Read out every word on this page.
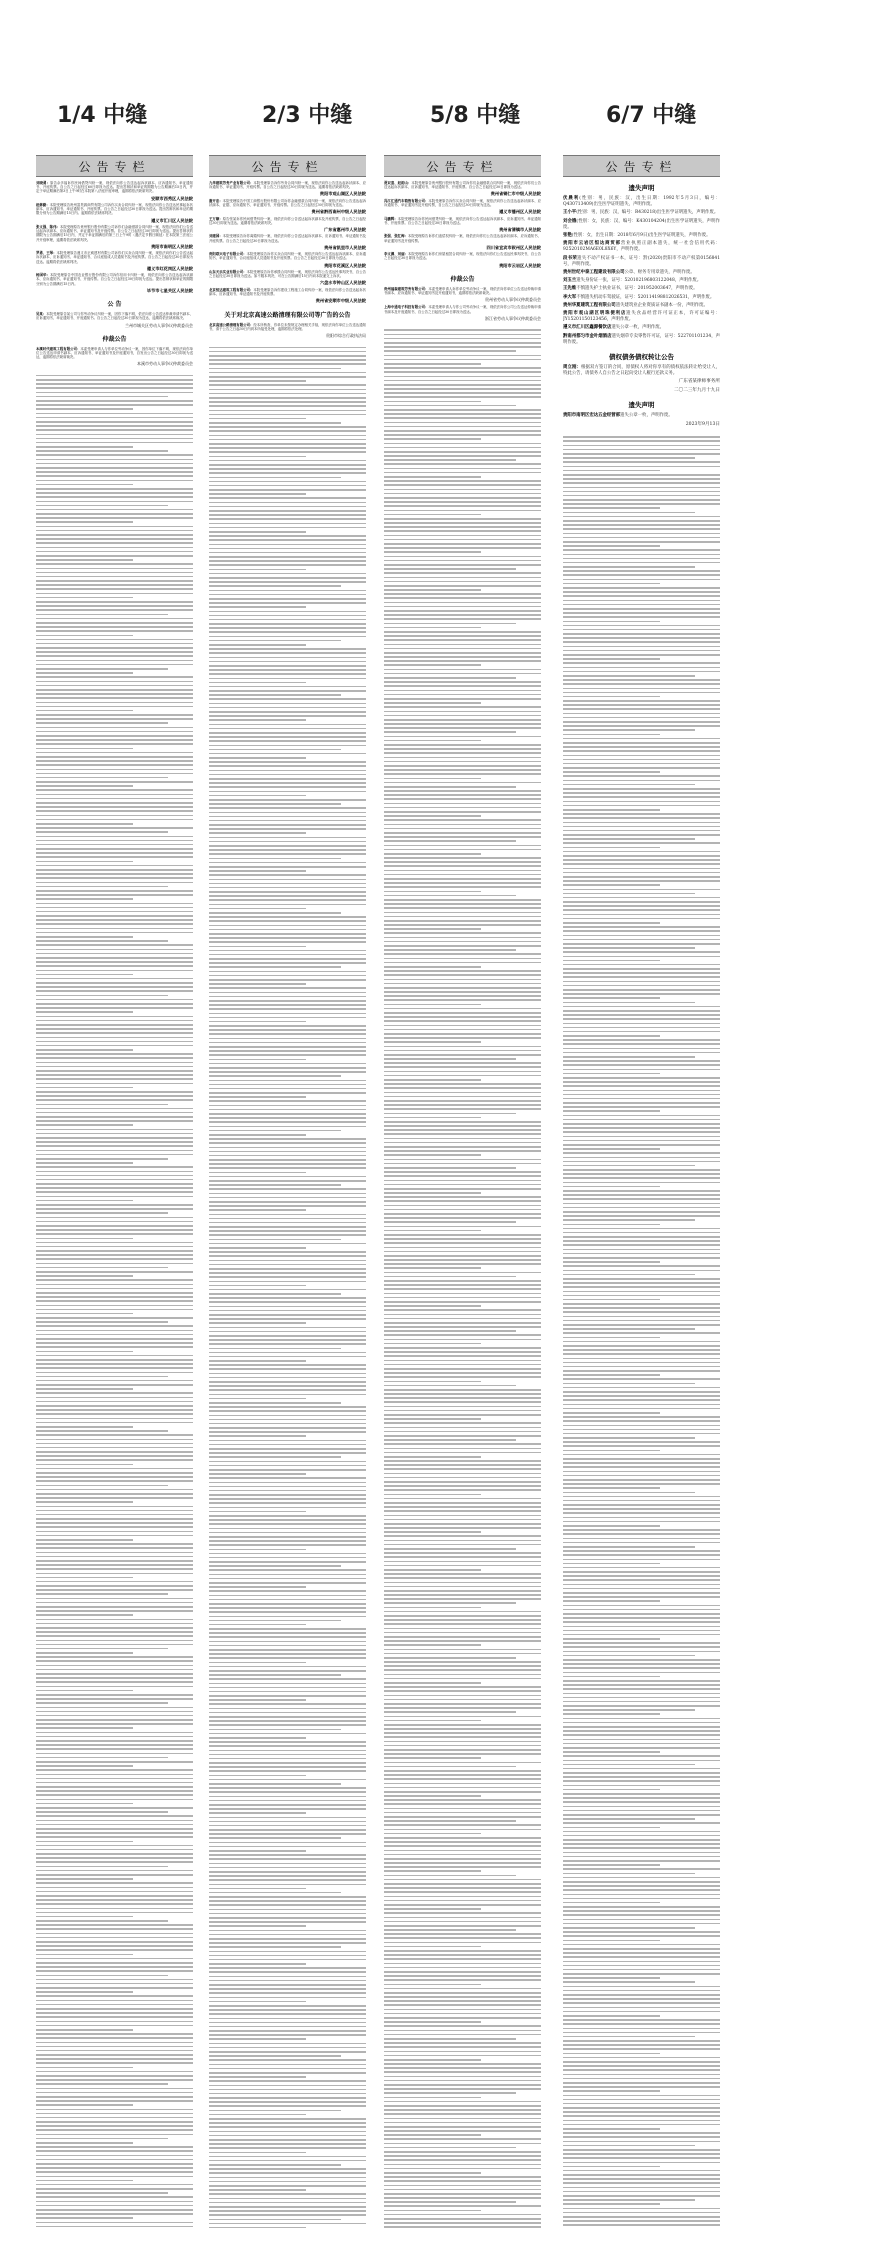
1/4 中缝	2/3 中缝	5/8 中缝	6/7 中缝
公告专栏
刘晓勇：原告余多福诉你民间借贷纠纷一案，现依法向你公告送达起诉状副本、应诉通知书、举证通知书、开庭传票。自公告之日起经过60日即视为送达。提出答辩状和举证的期限为公告期满后15日内，并定于举证期满后第3日上午9时在本院第八法庭开庭审理，逾期将依法缺席判决。
安顺市西秀区人民法院
赵修勤：本院受理原告贵州富昊源商贸有限公司诉你买卖合同纠纷一案，现依法向你公告送达民事起诉状副本、应诉通知书、举证通知书、开庭传票。自公告之日起经过30日即视为送达。提出答辩状和举证的期限分别为公告期满后15日内。逾期将依法缺席判决。
遵义市汇川区人民法院
张文强、陈伟：本院受理原告贵州银行股份有限公司诉你们金融借款合同纠纷一案，现依法向你们公告送达起诉状副本、应诉通知书、举证通知书及开庭传票。自公告之日起经过30日即视为送达。提出答辩状的期限为公告期满后15日内，并定于举证期满后的第三日上午9时（遇法定节假日顺延）在本院第三法庭公开开庭审理，逾期将依法缺席判决。
贵阳市南明区人民法院
罗勇、王琴：本院受理原告遵义市正威建材有限公司诉你们买卖合同纠纷一案，现依法向你们公告送达起诉状副本、应诉通知书、举证通知书、合议庭组成人员通知书及开庭传票。自公告之日起经过30日即视为送达。逾期将依法缺席判决。
遵义市红花岗区人民法院
杨国华：本院受理原告中国农业银行股份有限公司诉你信用卡纠纷一案，现依法向你公告送达起诉状副本、应诉通知书、举证通知书、开庭传票。自公告之日起经过30日即视为送达。提出答辩状和举证的期限分别为公告期满后15日内。
毕节市七星关区人民法院
公 告
吴某：本院受理原告某公司与你劳动争议纠纷一案，因你下落不明，依法向你公告送达仲裁申请书副本、应诉通知书、举证通知书、开庭通知书。自公告之日起经过30日即视为送达，逾期将依法缺席裁决。
兰州市城关区劳动人事争议仲裁委员会
仲裁公告
本溪时代建筑工程有限公司：本委受理申请人与你单位劳动争议一案，因你单位下落不明，现依法向你单位公告送达申请书副本、应诉通知书、举证通知书及开庭通知书，自发出公告之日起经过30日即视为送达，逾期将依法缺席裁决。
本溪市劳动人事争议仲裁委员会
公告专栏
九华建筑劳务产业有限公司：本院受理原告诉你劳务合同纠纷一案，现依法向你公告送达起诉状副本、应诉通知书、举证通知书、开庭传票。自公告之日起经过30日即视为送达。逾期将依法缺席判决。
贵阳市观山湖区人民法院
谢开忠：本院受理原告中国工商银行股份有限公司诉你金融借款合同纠纷一案，现依法向你公告送达起诉状副本、证据、应诉通知书、举证通知书、开庭传票。自公告之日起经过30日即视为送达。
贵州省黔西南州中级人民法院
王万顺：原告张某诉你民间借贷纠纷一案，现依法向你公告送达起诉状副本及开庭传票，自公告之日起经过30日即视为送达。逾期将依法缺席判决。
广东省惠州市人民法院
刘建国：本院受理原告诉你离婚纠纷一案，现依法向你公告送达起诉状副本、应诉通知书、举证通知书及开庭传票。自公告之日起经过30日即视为送达。
贵州省凯里市人民法院
贵阳联兴电子有限公司：本院受理原告诉你买卖合同纠纷一案，现依法向你公告送达起诉状副本、应诉通知书、举证通知书、合议庭组成人员通知书及开庭传票。自公告之日起经过30日即视为送达。
贵阳市花溪区人民法院
山东天乐实业有限公司：本院受理原告诉你承揽合同纠纷一案，现依法向你公告送达民事判决书，自公告之日起经过30日即视为送达。如不服本判决，可在公告期满后15日内向本院递交上诉状。
六盘水市钟山区人民法院
北京恒达建筑工程有限公司：本院受理原告诉你建设工程施工合同纠纷一案，现依法向你公告送达起诉状副本、应诉通知书、举证通知书及开庭传票。
贵州省安顺市中级人民法院
关于对北京高速公路清理有限公司等广告的公告
北京高速公路清理有限公司：经本所核查，你单位未按规定办理相关手续，现依法向你单位公告送达通知书，请于公告之日起30日内到本所接受处理，逾期将依法处理。
贵阳市综合行政执法局
公告专栏
贾双喜、赵韵山：本院受理原告贵州银行股份有限公司诉你们金融借款合同纠纷一案，现依法向你们公告送达起诉状副本、应诉通知书、举证通知书、开庭传票。自公告之日起经过30日即视为送达。
贵州省铜仁市中级人民法院
冯江汇通汽车销售有限公司：本院受理原告诉你买卖合同纠纷一案，现依法向你公告送达起诉状副本、应诉通知书、举证通知书及开庭传票，自公告之日起经过30日即视为送达。
遵义市播州区人民法院
马鹏辉：本院受理原告诉你民间借贷纠纷一案，现依法向你公告送达起诉状副本、应诉通知书、举证通知书、开庭传票。自公告之日起经过30日即视为送达。
贵州省清镇市人民法院
张强、张红梅：本院受理原告诉你们追偿权纠纷一案，现依法向你们公告送达起诉状副本、应诉通知书、举证通知书及开庭传票。
四川省宜宾市叙州区人民法院
李文渊、刘丽：本院受理原告诉你们房屋租赁合同纠纷一案，现依法向你们公告送达民事判决书，自公告之日起经过30日即视为送达。
贵阳市云岩区人民法院
仲裁公告
贵州福森建筑劳务有限公司：本委受理申请人诉你单位劳动争议一案，现依法向你单位公告送达仲裁申请书副本、应诉通知书、举证通知书及开庭通知书，逾期将依法缺席裁决。
贵州省劳动人事争议仲裁委员会
上海中通电子科技有限公司：本委受理申请人与你公司劳动争议一案，现依法向你公司公告送达仲裁申请书副本及开庭通知书，自公告之日起经过30日即视为送达。
浙江省劳动人事争议仲裁委员会
公告专栏
遗失声明
伏晨利(性别：男，民族：汉，出生日期：1992年5月3日，编号：Q430713409)出生医学证明遗失，声明作废。
王小平(性别：男，民族：汉，编号：R430218)出生医学证明遗失，声明作废。
刘会娥(性别：女，民族：汉，编号：K430104204)出生医学证明遗失，声明作废。
张艳(性别：女，出生日期：2018年6月9日)出生医学证明遗失，声明作废。
贵阳市云岩区恒达商贸部营业执照正副本遗失，统一社会信用代码：92520102MA6E0L8X6Y，声明作废。
段书荣遗失不动产权证书一本，证号：黔(2020)贵阳市不动产权第0156841号，声明作废。
贵州世纪中泰工程建设有限公司公章、财务专用章遗失，声明作废。
刘玉兰遗失身份证一张，证号：520102196803122048，声明作废。
王先维不慎遗失护士执业证书，证号：201952003647，声明作废。
李大军不慎遗失机动车驾驶证，证号：520114198812026531，声明作废。
贵州华夏建筑工程有限公司遗失建筑业企业资质证书副本一份，声明作废。
贵阳市观山湖区明珠便利店遗失食品经营许可证正本，许可证编号：JY15201150123456，声明作废。
遵义市汇川区鑫源餐饮店遗失公章一枚，声明作废。
黔南州都匀市金叶烟酒店遗失烟草专卖零售许可证，证号：522701101234，声明作废。
债权债务债权转让公告
周立刚：根据双方签订的合同，原债权人将对你享有的债权依法转让给受让人，特此公告，请债务人自公告之日起向受让人履行还款义务。
广东省某律师事务所
二〇二三年九月十九日
遗失声明
贵阳市南明区宏达五金经营部遗失公章一枚，声明作废。
2023年9月13日
